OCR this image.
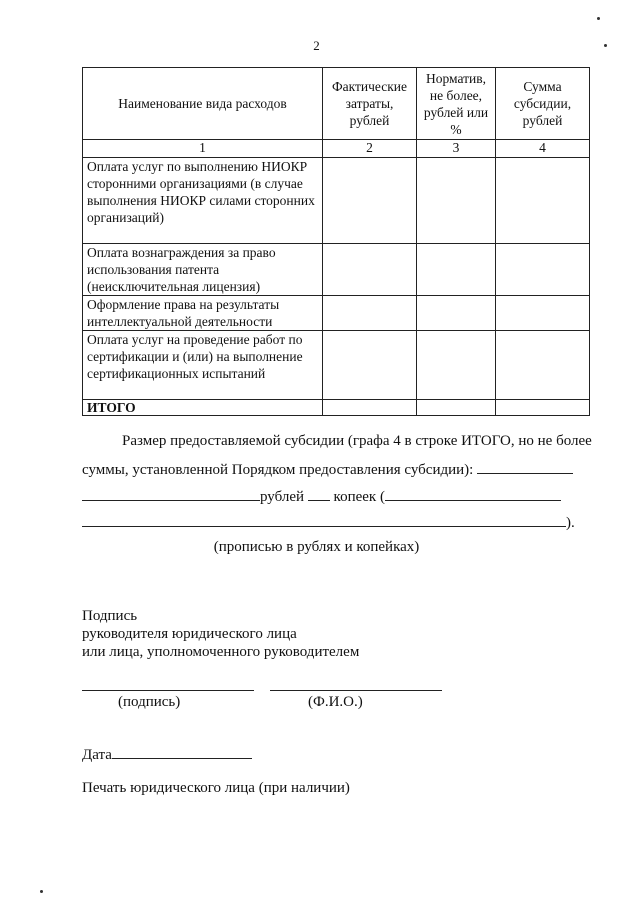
2
Наименование вида расходов	Фактические затраты, рублей	Норматив, не более, рублей или %	Сумма субсидии, рублей
1	2	3	4
Оплата услуг по выполнению НИОКР сторонними организациями (в случае выполнения НИОКР силами сторонних организаций)			
Оплата вознаграждения за право использования патента (неисключительная лицензия)			
Оформление права на результаты интеллектуальной деятельности			
Оплата услуг на проведение работ по сертификации и (или) на выполнение сертификационных испытаний			
ИТОГО			
Размер предоставляемой субсидии (графа 4 в строке ИТОГО, но не более
суммы, установленной Порядком предоставления субсидии):
рублей копеек (
).
(прописью в рублях и копейках)
Подпись
руководителя юридического лица
или лица, уполномоченного руководителем
(подпись)	(Ф.И.О.)
Дата
Печать юридического лица (при наличии)
